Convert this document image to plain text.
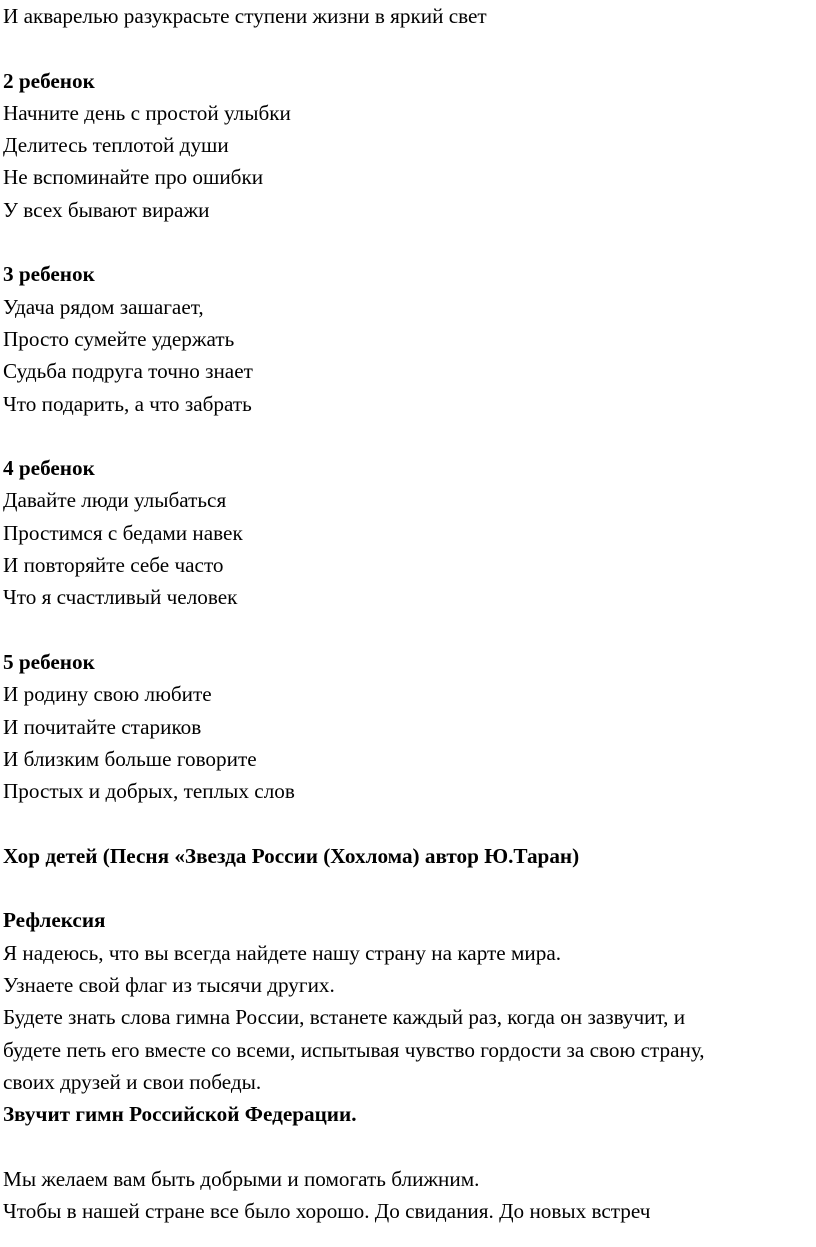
И акварелью разукрасьте ступени жизни в яркий свет
2 ребенок
Начните день с простой улыбки
Делитесь теплотой души
Не вспоминайте про ошибки
У всех бывают виражи
3 ребенок
Удача рядом зашагает,
Просто сумейте удержать
Судьба подруга точно знает
Что подарить, а что забрать
4 ребенок
Давайте люди улыбаться
Простимся с бедами навек
И повторяйте себе часто
Что я счастливый человек
5 ребенок
И родину свою любите
И почитайте стариков
И близким больше говорите
Простых и добрых, теплых слов
Хор детей (Песня «Звезда России (Хохлома) автор Ю.Таран)
Рефлексия
Я надеюсь, что вы всегда найдете нашу страну на карте мира.
Узнаете свой флаг из тысячи других.
Будете знать слова гимна России, встанете каждый раз, когда он зазвучит, и
будете петь его вместе со всеми, испытывая чувство гордости за свою страну,
своих друзей и свои победы.
Звучит гимн Российской Федерации.
Мы желаем вам быть добрыми и помогать ближним.
Чтобы в нашей стране все было хорошо. До свидания. До новых встреч
